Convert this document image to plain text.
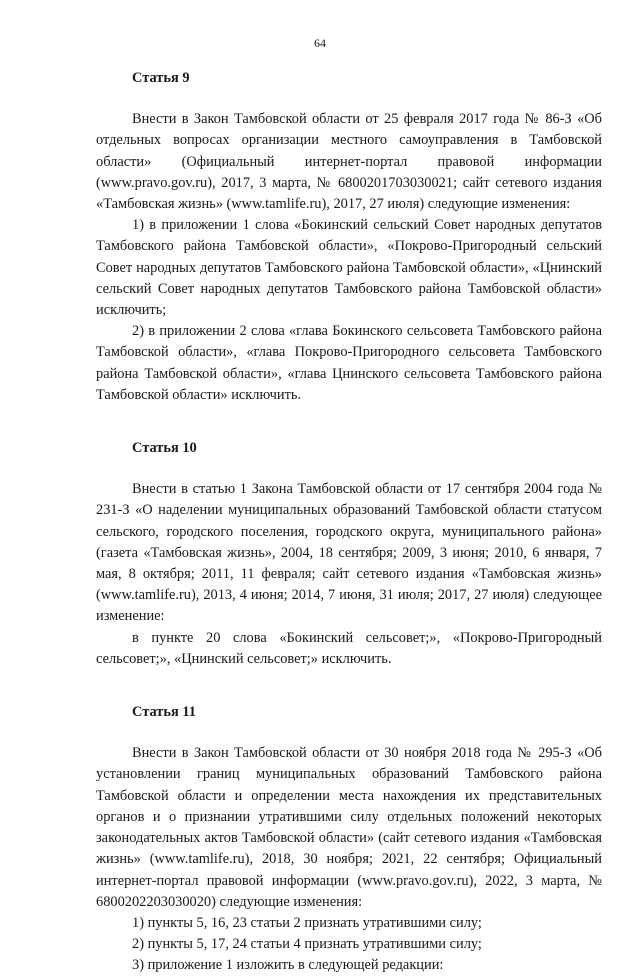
64
Статья 9

Внести в Закон Тамбовской области от 25 февраля 2017 года № 86-З «Об отдельных вопросах организации местного самоуправления в Тамбовской области» (Официальный интернет-портал правовой информации (www.pravo.gov.ru), 2017, 3 марта, № 6800201703030021; сайт сетевого издания «Тамбовская жизнь» (www.tamlife.ru), 2017, 27 июля) следующие изменения:

1) в приложении 1 слова «Бокинский сельский Совет народных депутатов Тамбовского района Тамбовской области», «Покрово-Пригородный сельский Совет народных депутатов Тамбовского района Тамбовской области», «Цнинский сельский Совет народных депутатов Тамбовского района Тамбовской области» исключить;

2) в приложении 2 слова «глава Бокинского сельсовета Тамбовского района Тамбовской области», «глава Покрово-Пригородного сельсовета Тамбовского района Тамбовской области», «глава Цнинского сельсовета Тамбовского района Тамбовской области» исключить.

Статья 10

Внести в статью 1 Закона Тамбовской области от 17 сентября 2004 года № 231-З «О наделении муниципальных образований Тамбовской области статусом сельского, городского поселения, городского округа, муниципального района» (газета «Тамбовская жизнь», 2004, 18 сентября; 2009, 3 июня; 2010, 6 января, 7 мая, 8 октября; 2011, 11 февраля; сайт сетевого издания «Тамбовская жизнь» (www.tamlife.ru), 2013, 4 июня; 2014, 7 июня, 31 июля; 2017, 27 июля) следующее изменение:

в пункте 20 слова «Бокинский сельсовет;», «Покрово-Пригородный сельсовет;», «Цнинский сельсовет;» исключить.

Статья 11

Внести в Закон Тамбовской области от 30 ноября 2018 года № 295-З «Об установлении границ муниципальных образований Тамбовского района Тамбовской области и определении места нахождения их представительных органов и о признании утратившими силу отдельных положений некоторых законодательных актов Тамбовской области» (сайт сетевого издания «Тамбовская жизнь» (www.tamlife.ru), 2018, 30 ноября; 2021, 22 сентября; Официальный интернет-портал правовой информации (www.pravo.gov.ru), 2022, 3 марта, № 6800202203030020) следующие изменения:

1) пункты 5, 16, 23 статьи 2 признать утратившими силу;

2) пункты 5, 17, 24 статьи 4 признать утратившими силу;

3) приложение 1 изложить в следующей редакции:
